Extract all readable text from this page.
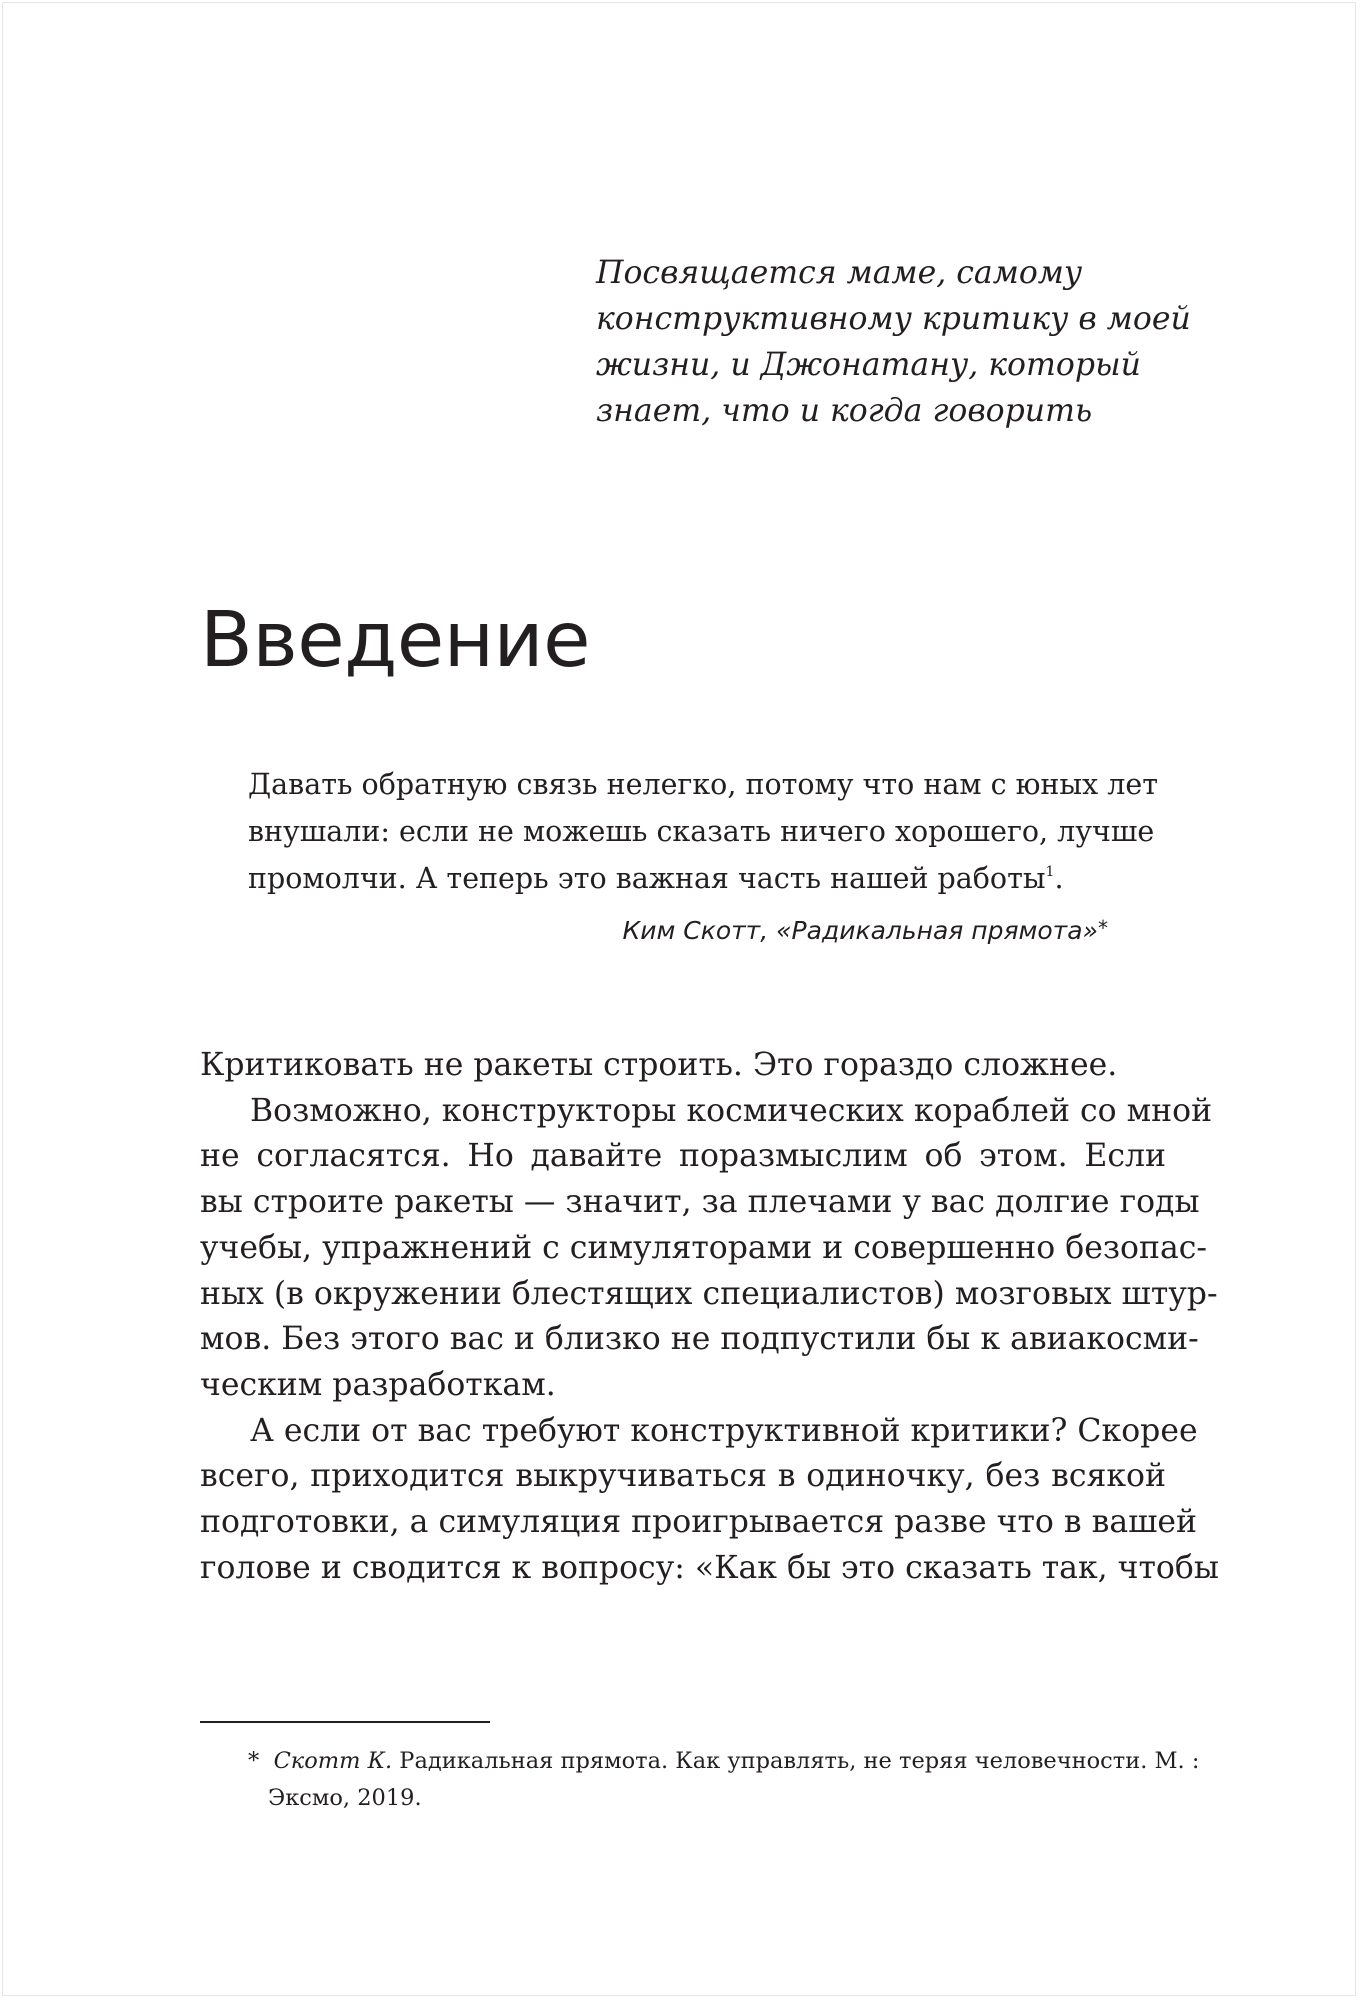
Посвящается маме, самому
конструктивному критику в моей
жизни, и Джонатану, который
знает, что и когда говорить
Введение
Давать обратную связь нелегко, потому что нам с юных лет
внушали: если не можешь сказать ничего хорошего, лучше
промолчи. А теперь это важная часть нашей работы$^1$.
Ким Скотт, «Радикальная прямота»*
Критиковать не ракеты строить. Это гораздо сложнее.
Возможно, конструкторы космических кораблей со мной
не согласятся. Но давайте поразмыслим об этом. Если
вы строите ракеты — значит, за плечами у вас долгие годы
учебы, упражнений с симуляторами и совершенно безопас-
ных (в окружении блестящих специалистов) мозговых штур-
мов. Без этого вас и близко не подпустили бы к авиакосми-
ческим разработкам.
А если от вас требуют конструктивной критики? Скорее
всего, приходится выкручиваться в одиночку, без всякой
подготовки, а симуляция проигрывается разве что в вашей
голове и сводится к вопросу: «Как бы это сказать так, чтобы
* Скотт К. Радикальная прямота. Как управлять, не теряя человечности. М. :
Эксмо, 2019.
